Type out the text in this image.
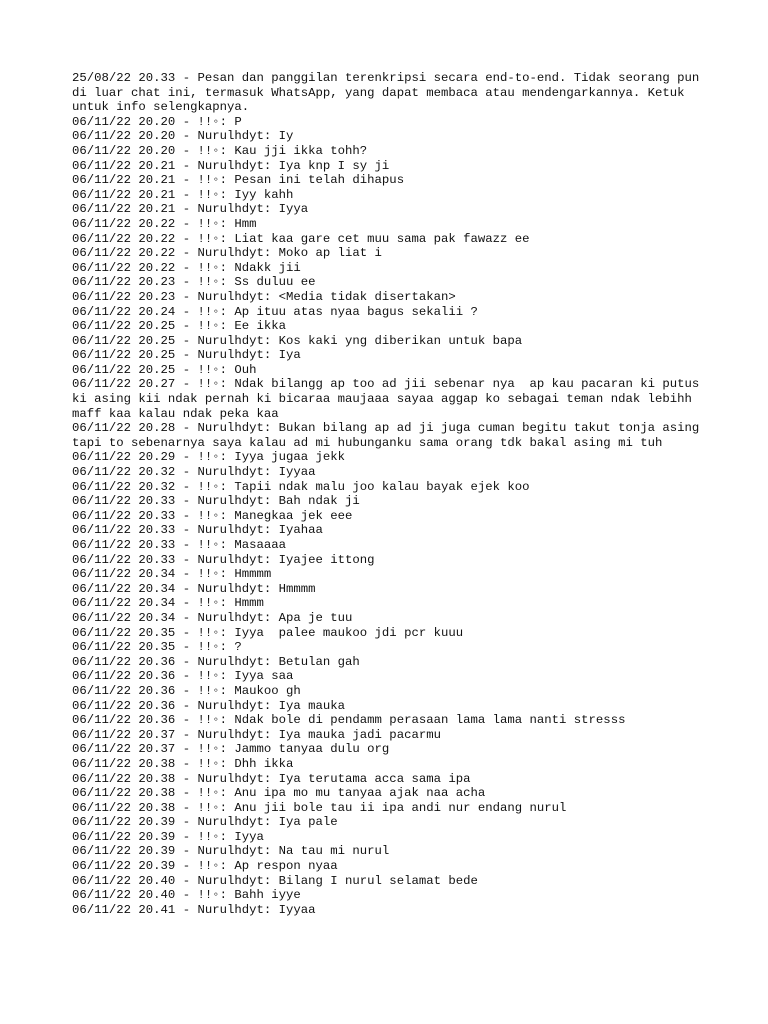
25/08/22 20.33 - Pesan dan panggilan terenkripsi secara end-to-end. Tidak seorang pun di luar chat ini, termasuk WhatsApp, yang dapat membaca atau mendengarkannya. Ketuk untuk info selengkapnya.
06/11/22 20.20 - !!◦: P
06/11/22 20.20 - Nurulhdyt: Iy
06/11/22 20.20 - !!◦: Kau jji ikka tohh?
06/11/22 20.21 - Nurulhdyt: Iya knp I sy ji
06/11/22 20.21 - !!◦: Pesan ini telah dihapus
06/11/22 20.21 - !!◦: Iyy kahh
06/11/22 20.21 - Nurulhdyt: Iyya
06/11/22 20.22 - !!◦: Hmm
06/11/22 20.22 - !!◦: Liat kaa gare cet muu sama pak fawazz ee
06/11/22 20.22 - Nurulhdyt: Moko ap liat i
06/11/22 20.22 - !!◦: Ndakk jii
06/11/22 20.23 - !!◦: Ss duluu ee
06/11/22 20.23 - Nurulhdyt: <Media tidak disertakan>
06/11/22 20.24 - !!◦: Ap ituu atas nyaa bagus sekalii ?
06/11/22 20.25 - !!◦: Ee ikka
06/11/22 20.25 - Nurulhdyt: Kos kaki yng diberikan untuk bapa
06/11/22 20.25 - Nurulhdyt: Iya
06/11/22 20.25 - !!◦: Ouh
06/11/22 20.27 - !!◦: Ndak bilangg ap too ad jii sebenar nya  ap kau pacaran ki putus ki asing kii ndak pernah ki bicaraa maujaaa sayaa aggap ko sebagai teman ndak lebihh maff kaa kalau ndak peka kaa
06/11/22 20.28 - Nurulhdyt: Bukan bilang ap ad ji juga cuman begitu takut tonja asing tapi to sebenarnya saya kalau ad mi hubunganku sama orang tdk bakal asing mi tuh
06/11/22 20.29 - !!◦: Iyya jugaa jekk
06/11/22 20.32 - Nurulhdyt: Iyyaa
06/11/22 20.32 - !!◦: Tapii ndak malu joo kalau bayak ejek koo
06/11/22 20.33 - Nurulhdyt: Bah ndak ji
06/11/22 20.33 - !!◦: Manegkaa jek eee
06/11/22 20.33 - Nurulhdyt: Iyahaa
06/11/22 20.33 - !!◦: Masaaaa
06/11/22 20.33 - Nurulhdyt: Iyajee ittong
06/11/22 20.34 - !!◦: Hmmmm
06/11/22 20.34 - Nurulhdyt: Hmmmm
06/11/22 20.34 - !!◦: Hmmm
06/11/22 20.34 - Nurulhdyt: Apa je tuu
06/11/22 20.35 - !!◦: Iyya  palee maukoo jdi pcr kuuu
06/11/22 20.35 - !!◦: ?
06/11/22 20.36 - Nurulhdyt: Betulan gah
06/11/22 20.36 - !!◦: Iyya saa
06/11/22 20.36 - !!◦: Maukoo gh
06/11/22 20.36 - Nurulhdyt: Iya mauka
06/11/22 20.36 - !!◦: Ndak bole di pendamm perasaan lama lama nanti stresss
06/11/22 20.37 - Nurulhdyt: Iya mauka jadi pacarmu
06/11/22 20.37 - !!◦: Jammo tanyaa dulu org
06/11/22 20.38 - !!◦: Dhh ikka
06/11/22 20.38 - Nurulhdyt: Iya terutama acca sama ipa
06/11/22 20.38 - !!◦: Anu ipa mo mu tanyaa ajak naa acha
06/11/22 20.38 - !!◦: Anu jii bole tau ii ipa andi nur endang nurul
06/11/22 20.39 - Nurulhdyt: Iya pale
06/11/22 20.39 - !!◦: Iyya
06/11/22 20.39 - Nurulhdyt: Na tau mi nurul
06/11/22 20.39 - !!◦: Ap respon nyaa
06/11/22 20.40 - Nurulhdyt: Bilang I nurul selamat bede
06/11/22 20.40 - !!◦: Bahh iyye
06/11/22 20.41 - Nurulhdyt: Iyyaa
